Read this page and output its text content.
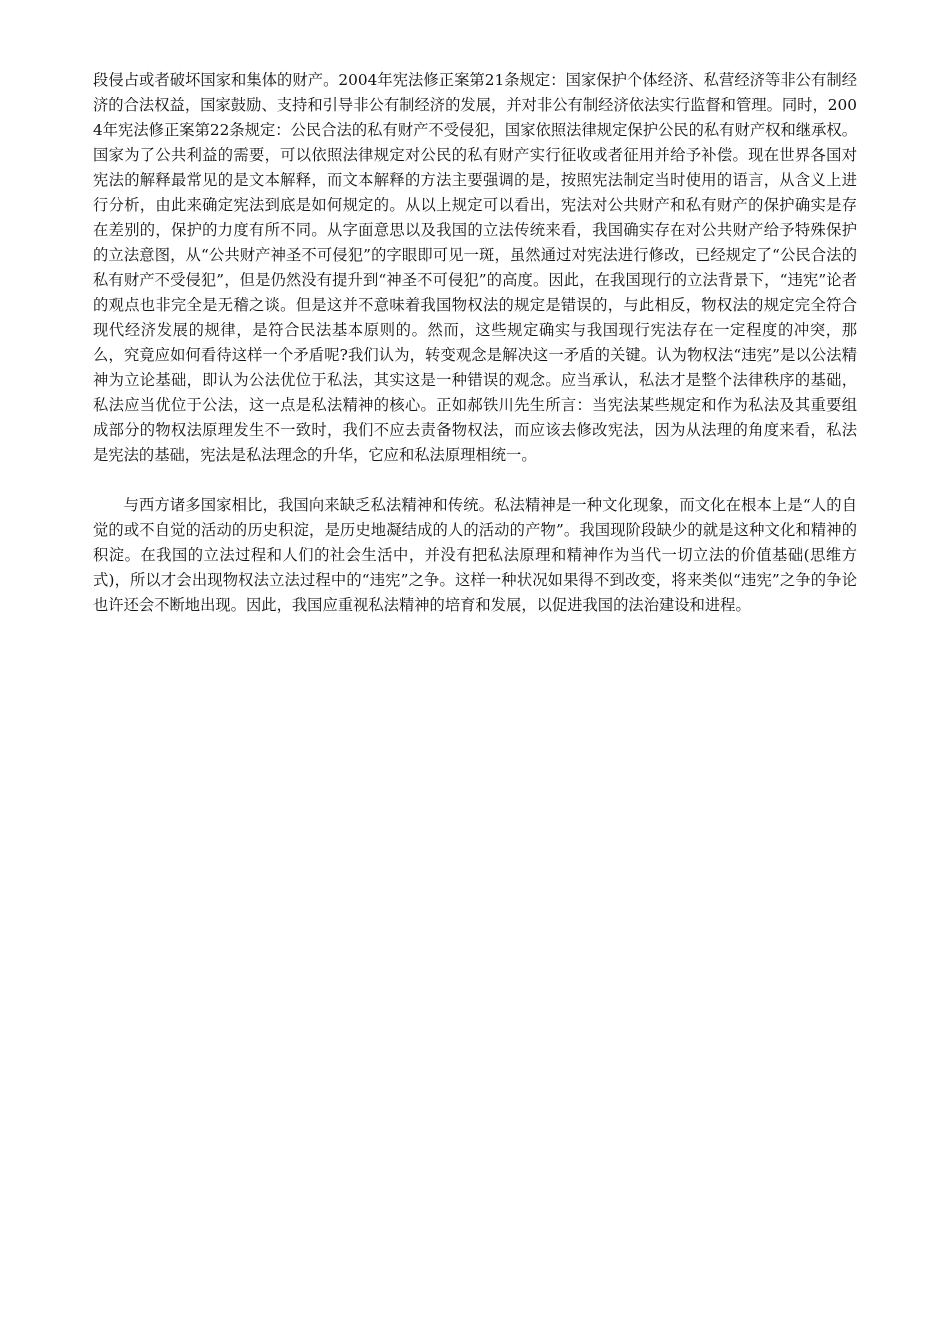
段侵占或者破坏国家和集体的财产。2004年宪法修正案第21条规定：国家保护个体经济、私营经济等非公有制经济的合法权益，国家鼓励、支持和引导非公有制经济的发展，并对非公有制经济依法实行监督和管理。同时，2004年宪法修正案第22条规定：公民合法的私有财产不受侵犯，国家依照法律规定保护公民的私有财产权和继承权。国家为了公共利益的需要，可以依照法律规定对公民的私有财产实行征收或者征用并给予补偿。现在世界各国对宪法的解释最常见的是文本解释，而文本解释的方法主要强调的是，按照宪法制定当时使用的语言，从含义上进行分析，由此来确定宪法到底是如何规定的。从以上规定可以看出，宪法对公共财产和私有财产的保护确实是存在差别的，保护的力度有所不同。从字面意思以及我国的立法传统来看，我国确实存在对公共财产给予特殊保护的立法意图，从“公共财产神圣不可侵犯”的字眼即可见一斑，虽然通过对宪法进行修改，已经规定了“公民合法的私有财产不受侵犯”，但是仍然没有提升到“神圣不可侵犯”的高度。因此，在我国现行的立法背景下，“违宪”论者的观点也非完全是无稽之谈。但是这并不意味着我国物权法的规定是错误的，与此相反，物权法的规定完全符合现代经济发展的规律，是符合民法基本原则的。然而，这些规定确实与我国现行宪法存在一定程度的冲突，那么，究竟应如何看待这样一个矛盾呢?我们认为，转变观念是解决这一矛盾的关键。认为物权法“违宪”是以公法精神为立论基础，即认为公法优位于私法，其实这是一种错误的观念。应当承认，私法才是整个法律秩序的基础，私法应当优位于公法，这一点是私法精神的核心。正如郝铁川先生所言：当宪法某些规定和作为私法及其重要组成部分的物权法原理发生不一致时，我们不应去责备物权法，而应该去修改宪法，因为从法理的角度来看，私法是宪法的基础，宪法是私法理念的升华，它应和私法原理相统一。

与西方诸多国家相比，我国向来缺乏私法精神和传统。私法精神是一种文化现象，而文化在根本上是“人的自觉的或不自觉的活动的历史积淀，是历史地凝结成的人的活动的产物”。我国现阶段缺少的就是这种文化和精神的积淀。在我国的立法过程和人们的社会生活中，并没有把私法原理和精神作为当代一切立法的价值基础(思维方式)，所以才会出现物权法立法过程中的“违宪”之争。这样一种状况如果得不到改变，将来类似“违宪”之争的争论也许还会不断地出现。因此，我国应重视私法精神的培育和发展，以促进我国的法治建设和进程。
